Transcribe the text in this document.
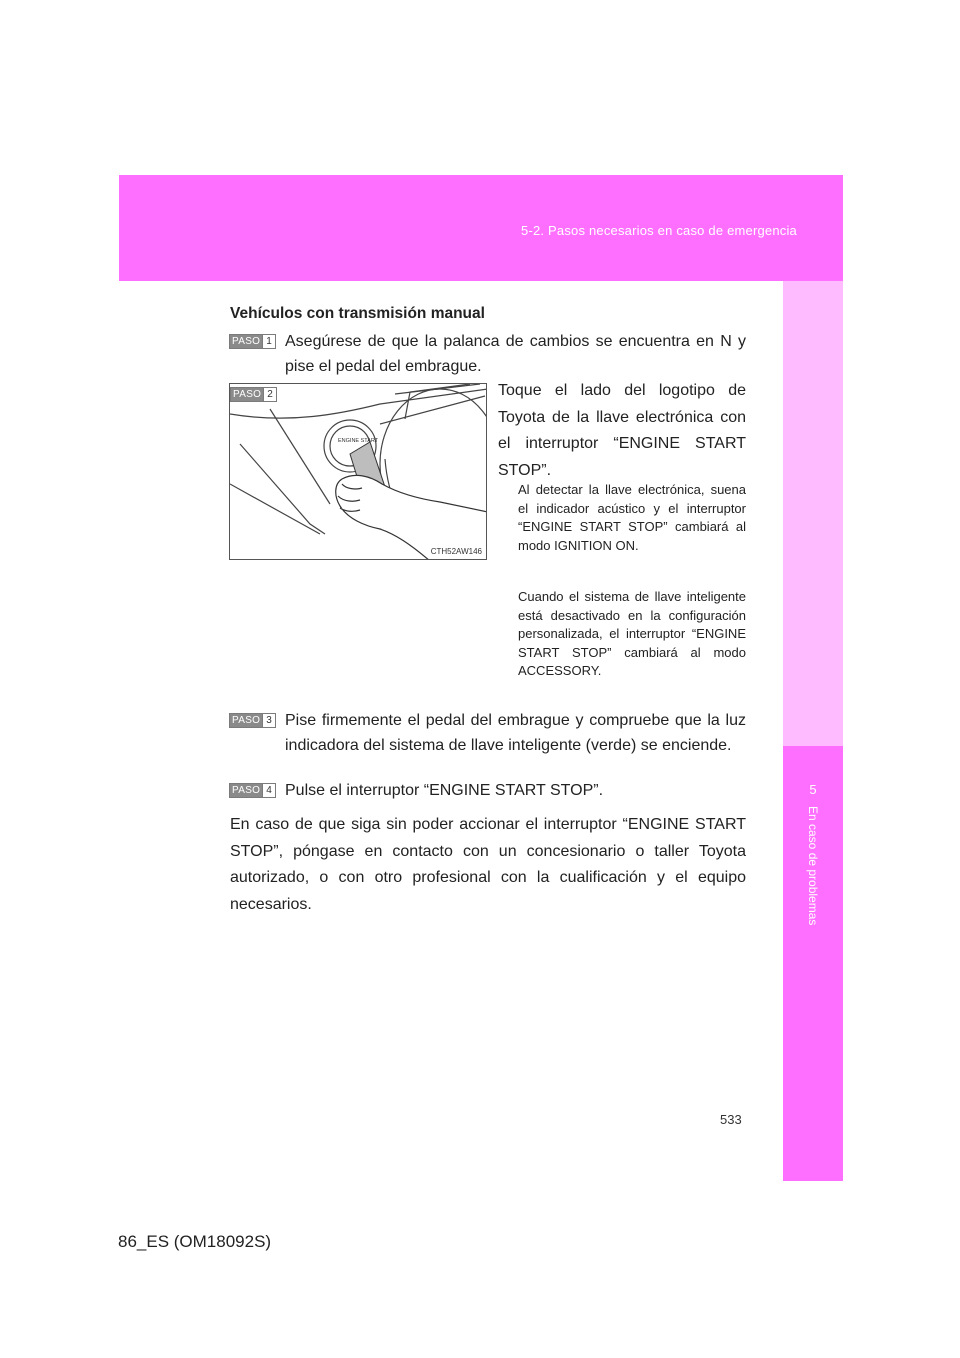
5-2. Pasos necesarios en caso de emergencia
5
En caso de problemas
Vehículos con transmisión manual
PASO 1 Asegúrese de que la palanca de cambios se encuentra en N y pise el pedal del embrague.
ENGINE START
PASO 2
CTH52AW146
Toque el lado del logotipo de Toyota de la llave electrónica con el interruptor “ENGINE START STOP”.
Al detectar la llave electrónica, suena el indicador acústico y el interruptor “ENGINE START STOP” cambiará al modo IGNITION ON.
Cuando el sistema de llave inteligente está desactivado en la configuración personalizada, el interruptor “ENGINE START STOP” cambiará al modo ACCESSORY.
PASO 3 Pise firmemente el pedal del embrague y compruebe que la luz indicadora del sistema de llave inteligente (verde) se enciende.
PASO 4 Pulse el interruptor “ENGINE START STOP”.
En caso de que siga sin poder accionar el interruptor “ENGINE START STOP”, póngase en contacto con un concesionario o taller Toyota autorizado, o con otro profesional con la cualificación y el equipo necesarios.
533
86_ES (OM18092S)
